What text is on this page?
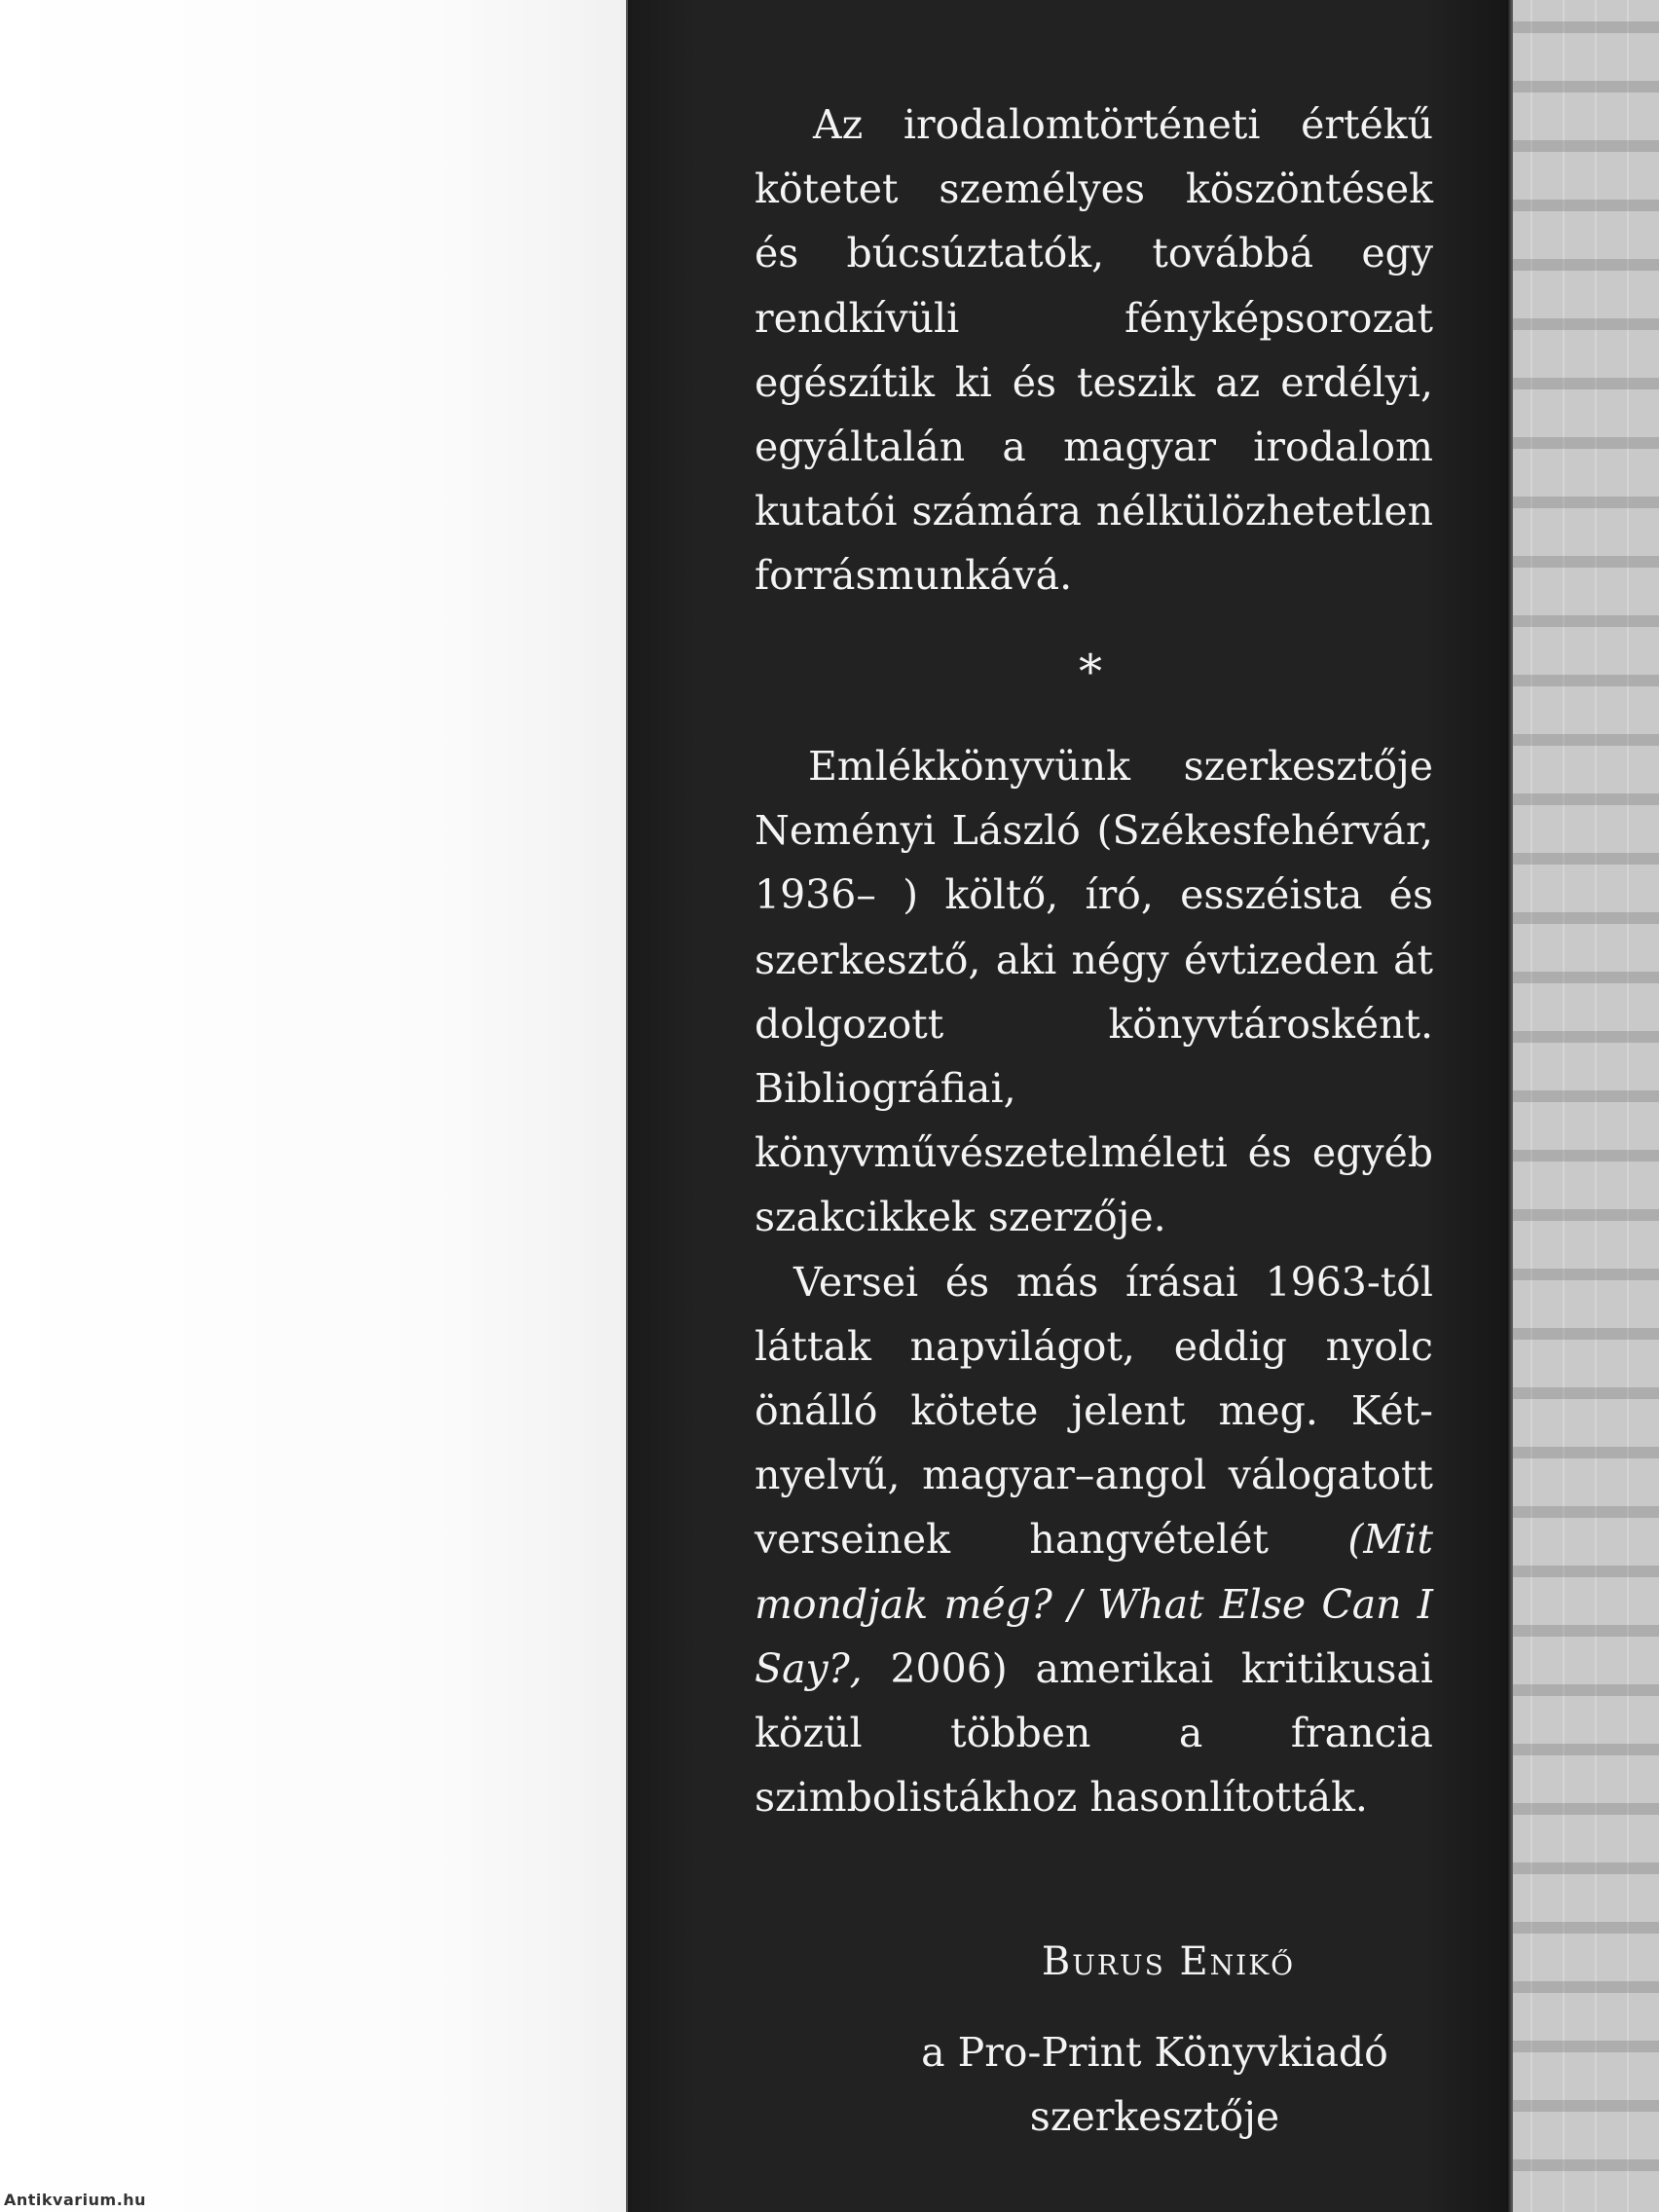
Az irodalomtörténeti értékű kötetet személyes köszöntések és búcsúztatók, továbbá egy rendkívüli fényképsorozat egészítik ki és teszik az erdélyi, egyáltalán a magyar irodalom kutatói számára nélkülözhetetlen forrásmunkává.

*

Emlékkönyvünk szerkesztője Neményi László (Székesfehérvár, 1936– ) költő, író, esszéista és szerkesztő, aki négy évtizeden át dolgozott könyvtárosként. Bibliográfiai, könyvművészetelméleti és egyéb szakcikkek szerzője.

Versei és más írásai 1963-tól láttak napvilágot, eddig nyolc önálló kötete jelent meg. Kétnyelvű, magyar–angol válogatott verseinek hangvételét (Mit mondjak még? / What Else Can I Say?, 2006) amerikai kritikusai közül többen a francia szimbolistákhoz hasonlították.

Burus Enikő
a Pro-Print Könyvkiadó szerkesztője
Antikvarium.hu
